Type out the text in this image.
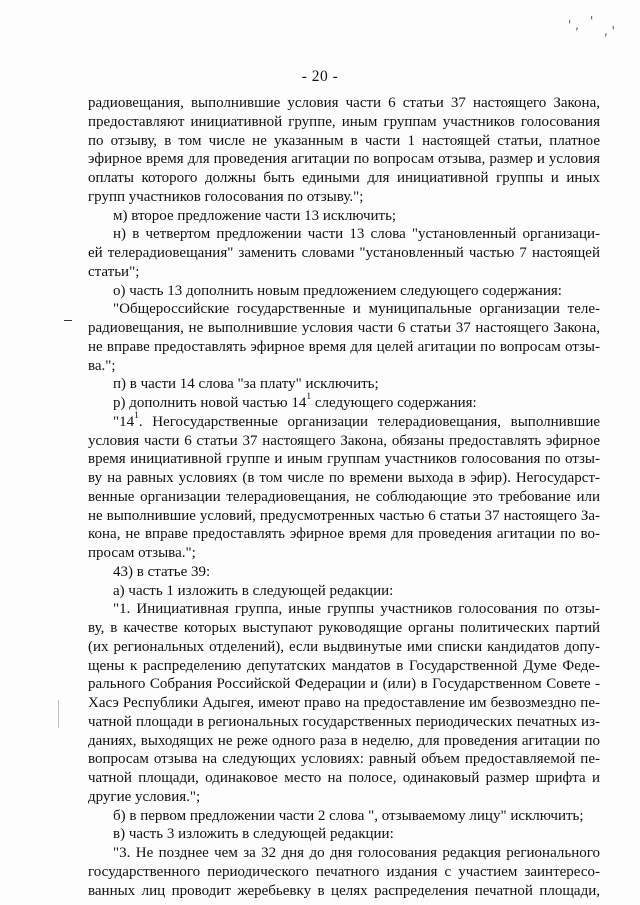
' , '
, '
- 20 -
радиовещания, выполнившие условия части 6 статьи 37 настоящего Закона,
предоставляют инициативной группе, иным группам участников голосования
по отзыву, в том числе не указанным в части 1 настоящей статьи, платное
эфирное время для проведения агитации по вопросам отзыва, размер и условия
оплаты которого должны быть едиными для инициативной группы и иных
групп участников голосования по отзыву.";
м) второе предложение части 13 исключить;
н) в четвертом предложении части 13 слова "установленный организаци-
ей телерадиовещания" заменить словами "установленный частью 7 настоящей
статьи";
о) часть 13 дополнить новым предложением следующего содержания:
"Общероссийские государственные и муниципальные организации теле-
радиовещания, не выполнившие условия части 6 статьи 37 настоящего Закона,
не вправе предоставлять эфирное время для целей агитации по вопросам отзы-
ва.";
п) в части 14 слова "за плату" исключить;
р) дополнить новой частью $14^1$ следующего содержания:
"$14^1$. Негосударственные организации телерадиовещания, выполнившие
условия части 6 статьи 37 настоящего Закона, обязаны предоставлять эфирное
время инициативной группе и иным группам участников голосования по отзы-
ву на равных условиях (в том числе по времени выхода в эфир). Негосударст-
венные организации телерадиовещания, не соблюдающие это требование или
не выполнившие условий, предусмотренных частью 6 статьи 37 настоящего За-
кона, не вправе предоставлять эфирное время для проведения агитации по во-
просам отзыва.";
43) в статье 39:
а) часть 1 изложить в следующей редакции:
"1. Инициативная группа, иные группы участников голосования по отзы-
ву, в качестве которых выступают руководящие органы политических партий
(их региональных отделений), если выдвинутые ими списки кандидатов допу-
щены к распределению депутатских мандатов в Государственной Думе Феде-
рального Собрания Российской Федерации и (или) в Государственном Совете -
Хасэ Республики Адыгея, имеют право на предоставление им безвозмездно пе-
чатной площади в региональных государственных периодических печатных из-
даниях, выходящих не реже одного раза в неделю, для проведения агитации по
вопросам отзыва на следующих условиях: равный объем предоставляемой пе-
чатной площади, одинаковое место на полосе, одинаковый размер шрифта и
другие условия.";
б) в первом предложении части 2 слова ", отзываемому лицу" исключить;
в) часть 3 изложить в следующей редакции:
"3. Не позднее чем за 32 дня до дня голосования редакция регионального
государственного периодического печатного издания с участием заинтересо-
ванных лиц проводит жеребьевку в целях распределения печатной площади,
